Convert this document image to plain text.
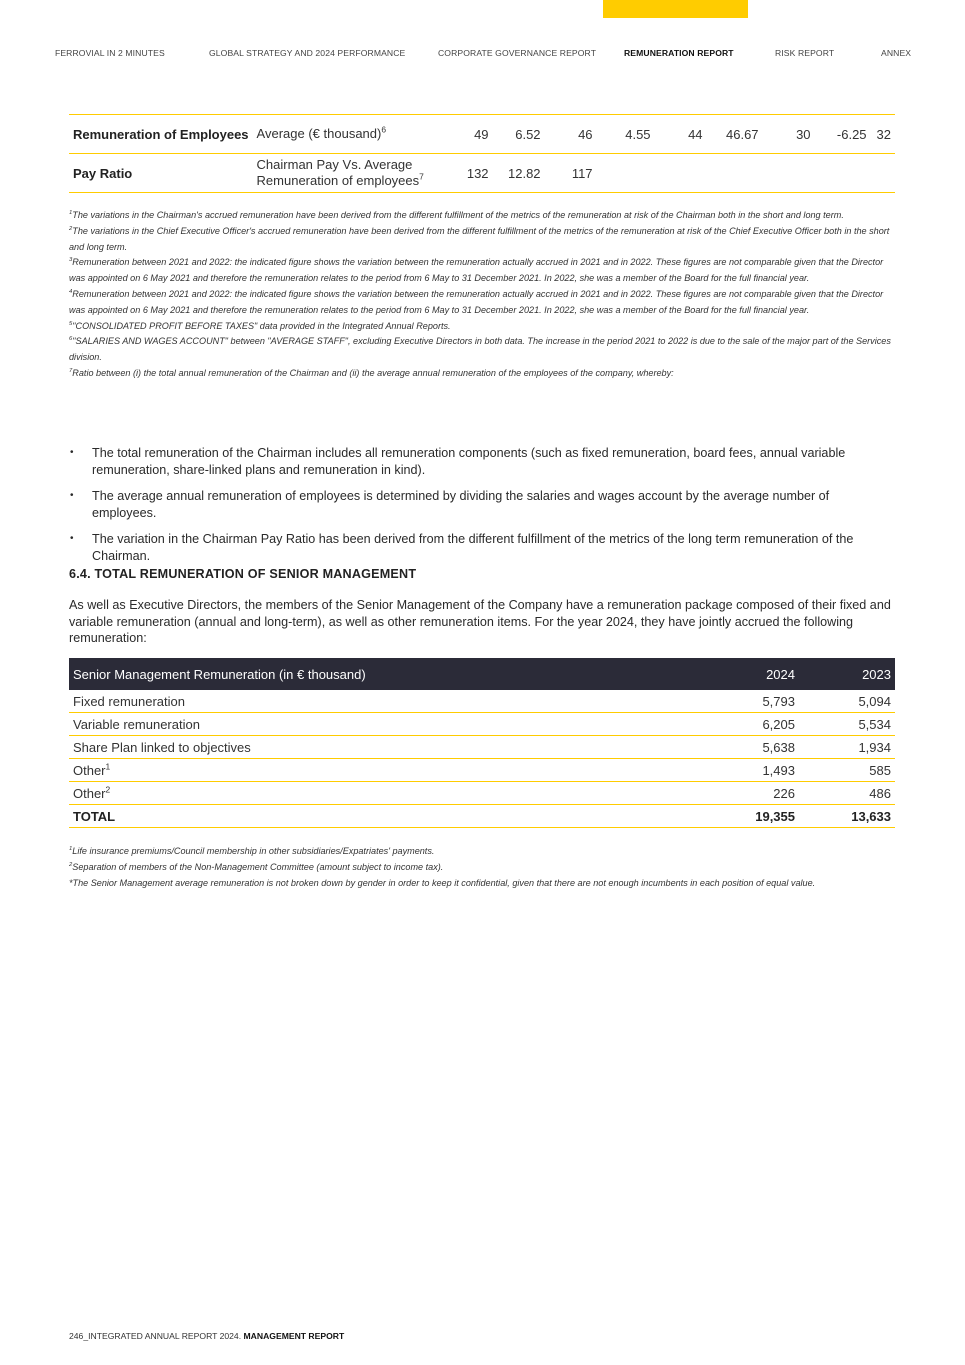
FERROVIAL IN 2 MINUTES	GLOBAL STRATEGY AND 2024 PERFORMANCE	CORPORATE GOVERNANCE REPORT	REMUNERATION REPORT	RISK REPORT	ANNEX
Remuneration of Employees	Average (€ thousand)$^6$	49	6.52	46	4.55	44	46.67	30	-6.25	32
Pay Ratio	Chairman Pay Vs. Average Remuneration of employees$^7$	132	12.82	117						

$^1$The variations in the Chairman's accrued remuneration have been derived from the different fulfillment of the metrics of the remuneration at risk of the Chairman both in the short and long term.

$^2$The variations in the Chief Executive Officer's accrued remuneration have been derived from the different fulfillment of the metrics of the remuneration at risk of the Chief Executive Officer both in the short and long term.

$^3$Remuneration between 2021 and 2022: the indicated figure shows the variation between the remuneration actually accrued in 2021 and in 2022. These figures are not comparable given that the Director was appointed on 6 May 2021 and therefore the remuneration relates to the period from 6 May to 31 December 2021. In 2022, she was a member of the Board for the full financial year.

$^4$Remuneration between 2021 and 2022: the indicated figure shows the variation between the remuneration actually accrued in 2021 and in 2022. These figures are not comparable given that the Director was appointed on 6 May 2021 and therefore the remuneration relates to the period from 6 May to 31 December 2021. In 2022, she was a member of the Board for the full financial year.

$^5$"CONSOLIDATED PROFIT BEFORE TAXES" data provided in the Integrated Annual Reports.

$^6$"SALARIES AND WAGES ACCOUNT" between "AVERAGE STAFF", excluding Executive Directors in both data. The increase in the period 2021 to 2022 is due to the sale of the major part of the Services division.

$^7$Ratio between (i) the total annual remuneration of the Chairman and (ii) the average annual remuneration of the employees of the company, whereby:

• The total remuneration of the Chairman includes all remuneration components (such as fixed remuneration, board fees, annual variable remuneration, share-linked plans and remuneration in kind).
• The average annual remuneration of employees is determined by dividing the salaries and wages account by the average number of employees.
• The variation in the Chairman Pay Ratio has been derived from the different fulfillment of the metrics of the long term remuneration of the Chairman.
6.4. TOTAL REMUNERATION OF SENIOR MANAGEMENT

As well as Executive Directors, the members of the Senior Management of the Company have a remuneration package composed of their fixed and variable remuneration (annual and long-term), as well as other remuneration items. For the year 2024, they have jointly accrued the following remuneration:

Senior Management Remuneration (in € thousand)	2024	2023
Fixed remuneration	5,793	5,094
Variable remuneration	6,205	5,534
Share Plan linked to objectives	5,638	1,934
Other$^1$	1,493	585
Other$^2$	226	486
TOTAL	19,355	13,633

$^1$Life insurance premiums/Council membership in other subsidiaries/Expatriates' payments.

$^2$Separation of members of the Non-Management Committee (amount subject to income tax).

*The Senior Management average remuneration is not broken down by gender in order to keep it confidential, given that there are not enough incumbents in each position of equal value.

246_INTEGRATED ANNUAL REPORT 2024. MANAGEMENT REPORT
